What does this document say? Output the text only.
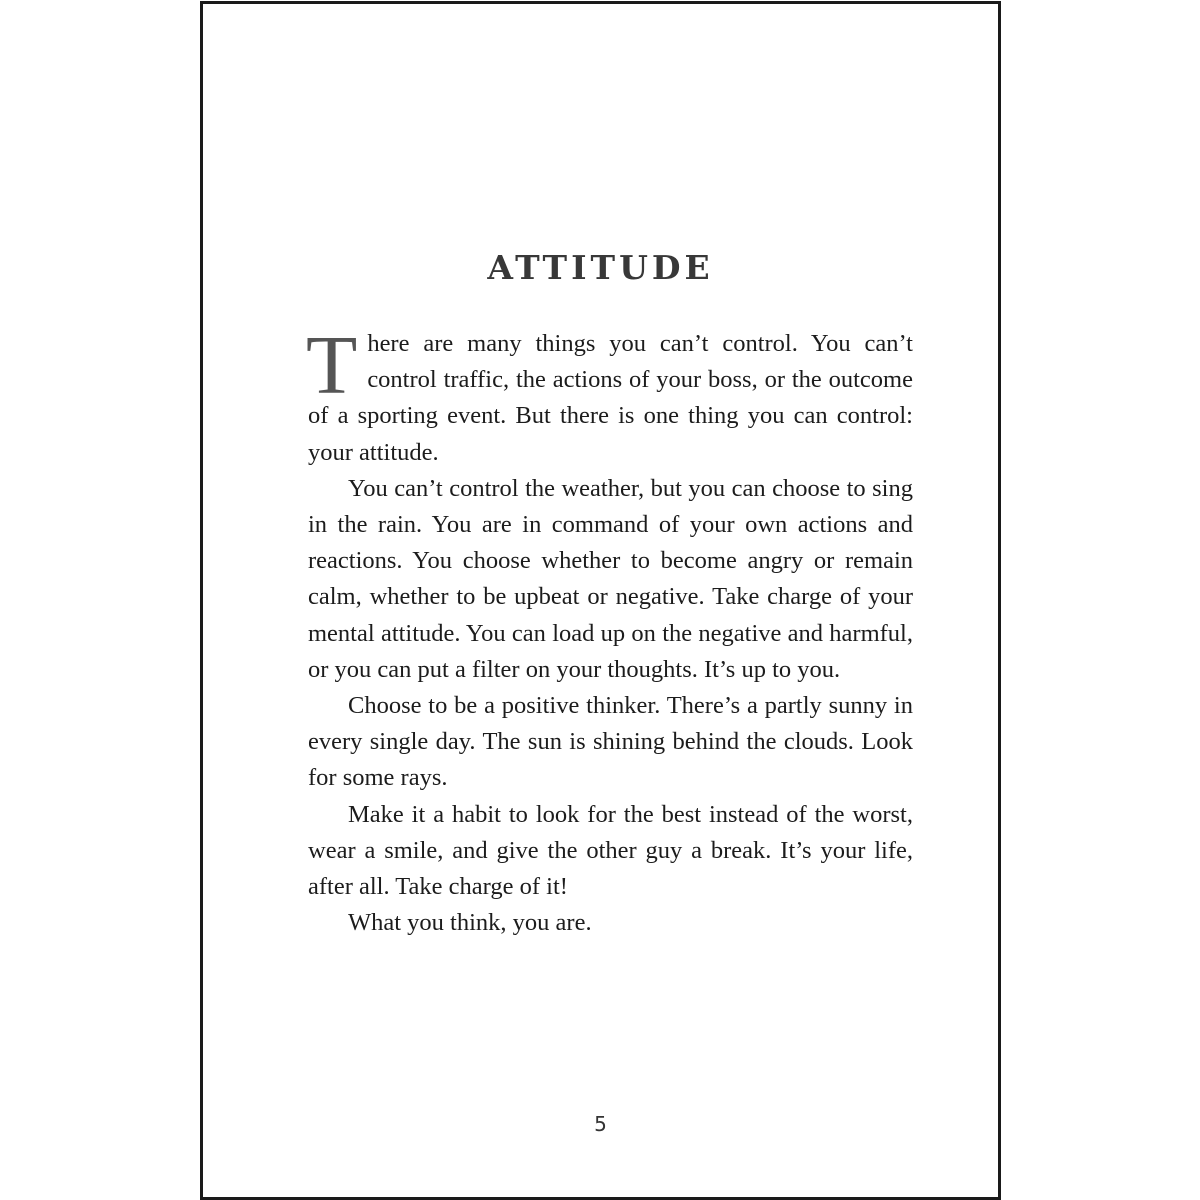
ATTITUDE

There are many things you can’t control. You can’t control traffic, the actions of your boss, or the outcome of a sporting event. But there is one thing you can control: your attitude.

You can’t control the weather, but you can choose to sing in the rain. You are in command of your own actions and reactions. You choose whether to become angry or remain calm, whether to be upbeat or negative. Take charge of your mental attitude. You can load up on the negative and harmful, or you can put a filter on your thoughts. It’s up to you.

Choose to be a positive thinker. There’s a partly sunny in every single day. The sun is shining behind the clouds. Look for some rays.

Make it a habit to look for the best instead of the worst, wear a smile, and give the other guy a break. It’s your life, after all. Take charge of it!

What you think, you are.

5
